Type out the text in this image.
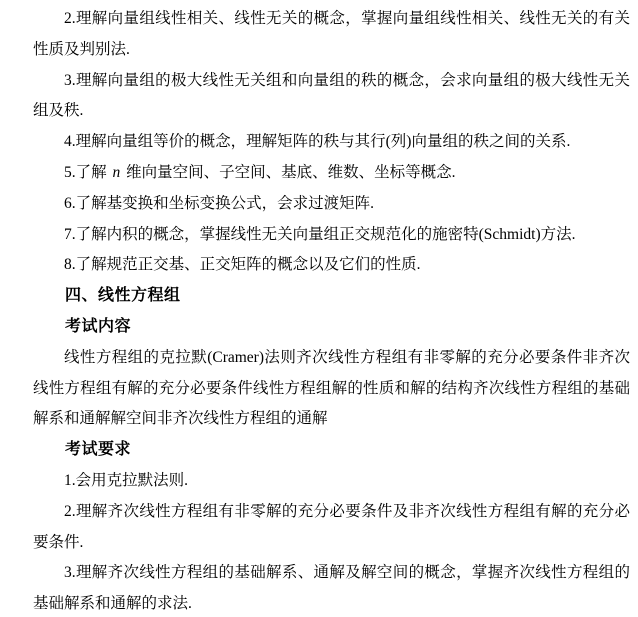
2.理解向量组线性相关、线性无关的概念，掌握向量组线性相关、线性无关的有关性质及判别法.

3.理解向量组的极大线性无关组和向量组的秩的概念，会求向量组的极大线性无关组及秩.

4.理解向量组等价的概念，理解矩阵的秩与其行(列)向量组的秩之间的关系.

5.了解 n 维向量空间、子空间、基底、维数、坐标等概念.

6.了解基变换和坐标变换公式，会求过渡矩阵.

7.了解内积的概念，掌握线性无关向量组正交规范化的施密特(Schmidt)方法.

8.了解规范正交基、正交矩阵的概念以及它们的性质.

四、线性方程组
考试内容

线性方程组的克拉默(Cramer)法则齐次线性方程组有非零解的充分必要条件非齐次线性方程组有解的充分必要条件线性方程组解的性质和解的结构齐次线性方程组的基础解系和通解解空间非齐次线性方程组的通解

考试要求

1.会用克拉默法则.

2.理解齐次线性方程组有非零解的充分必要条件及非齐次线性方程组有解的充分必要条件.

3.理解齐次线性方程组的基础解系、通解及解空间的概念，掌握齐次线性方程组的基础解系和通解的求法.
